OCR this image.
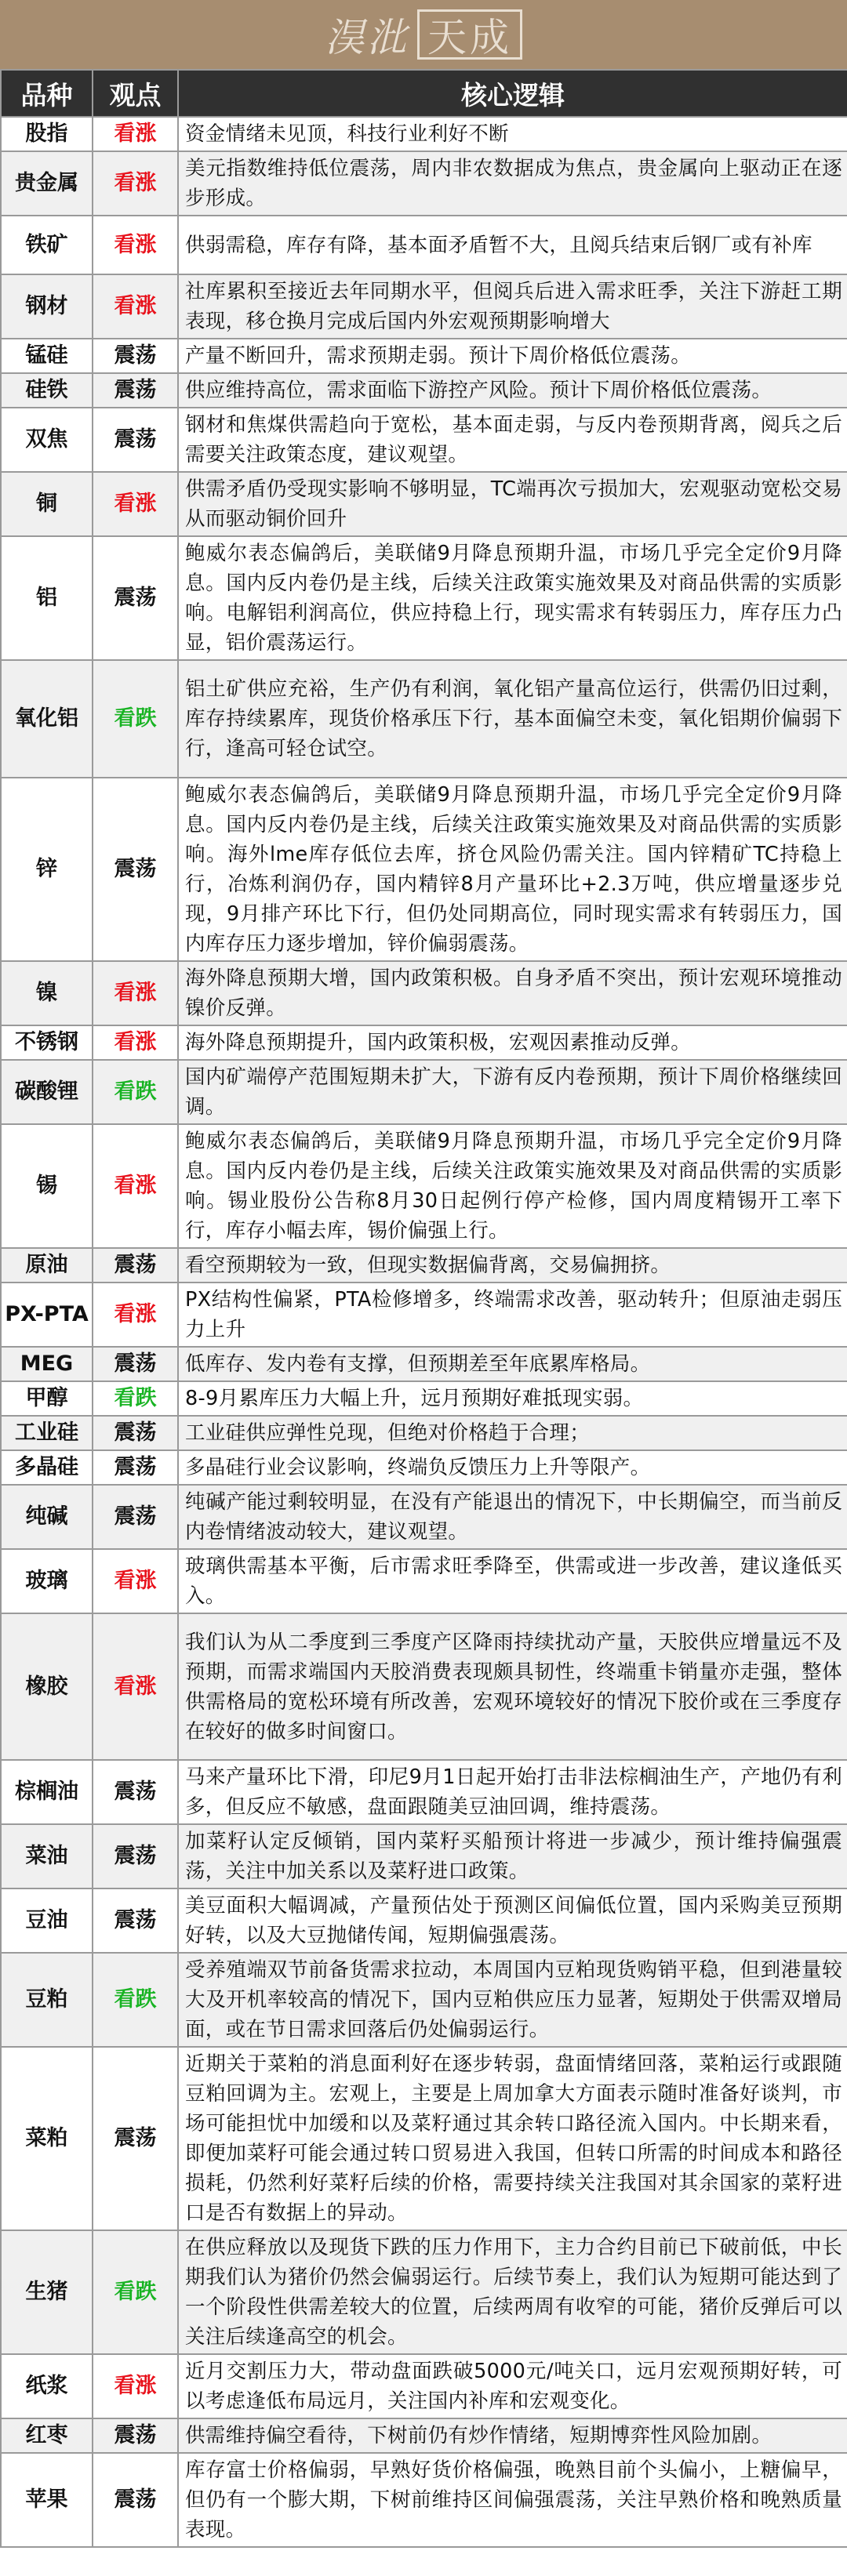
淏沘 天成
品种	观点	核心逻辑
股指	看涨	资金情绪未见顶，科技行业利好不断
贵金属	看涨	美元指数维持低位震荡，周内非农数据成为焦点，贵金属向上驱动正在逐步形成。
铁矿	看涨	供弱需稳，库存有降，基本面矛盾暂不大，且阅兵结束后钢厂或有补库
钢材	看涨	社库累积至接近去年同期水平，但阅兵后进入需求旺季，关注下游赶工期表现，移仓换月完成后国内外宏观预期影响增大
锰硅	震荡	产量不断回升，需求预期走弱。预计下周价格低位震荡。
硅铁	震荡	供应维持高位，需求面临下游控产风险。预计下周价格低位震荡。
双焦	震荡	钢材和焦煤供需趋向于宽松，基本面走弱，与反内卷预期背离，阅兵之后需要关注政策态度，建议观望。
铜	看涨	供需矛盾仍受现实影响不够明显，TC端再次亏损加大，宏观驱动宽松交易从而驱动铜价回升
铝	震荡	鲍威尔表态偏鸽后，美联储9月降息预期升温，市场几乎完全定价9月降息。国内反内卷仍是主线，后续关注政策实施效果及对商品供需的实质影响。电解铝利润高位，供应持稳上行，现实需求有转弱压力，库存压力凸显，铝价震荡运行。
氧化铝	看跌	铝土矿供应充裕，生产仍有利润，氧化铝产量高位运行，供需仍旧过剩，库存持续累库，现货价格承压下行，基本面偏空未变，氧化铝期价偏弱下行，逢高可轻仓试空。
锌	震荡	鲍威尔表态偏鸽后，美联储9月降息预期升温，市场几乎完全定价9月降息。国内反内卷仍是主线，后续关注政策实施效果及对商品供需的实质影响。海外lme库存低位去库，挤仓风险仍需关注。国内锌精矿TC持稳上行，冶炼利润仍存，国内精锌8月产量环比+2.3万吨，供应增量逐步兑现，9月排产环比下行，但仍处同期高位，同时现实需求有转弱压力，国内库存压力逐步增加，锌价偏弱震荡。
镍	看涨	海外降息预期大增，国内政策积极。自身矛盾不突出，预计宏观环境推动镍价反弹。
不锈钢	看涨	海外降息预期提升，国内政策积极，宏观因素推动反弹。
碳酸锂	看跌	国内矿端停产范围短期未扩大，下游有反内卷预期，预计下周价格继续回调。
锡	看涨	鲍威尔表态偏鸽后，美联储9月降息预期升温，市场几乎完全定价9月降息。国内反内卷仍是主线，后续关注政策实施效果及对商品供需的实质影响。锡业股份公告称8月30日起例行停产检修，国内周度精锡开工率下行，库存小幅去库，锡价偏强上行。
原油	震荡	看空预期较为一致，但现实数据偏背离，交易偏拥挤。
PX-PTA	看涨	PX结构性偏紧，PTA检修增多，终端需求改善，驱动转升；但原油走弱压力上升
MEG	震荡	低库存、发内卷有支撑，但预期差至年底累库格局。
甲醇	看跌	8-9月累库压力大幅上升，远月预期好难抵现实弱。
工业硅	震荡	工业硅供应弹性兑现，但绝对价格趋于合理；
多晶硅	震荡	多晶硅行业会议影响，终端负反馈压力上升等限产。
纯碱	震荡	纯碱产能过剩较明显，在没有产能退出的情况下，中长期偏空，而当前反内卷情绪波动较大，建议观望。
玻璃	看涨	玻璃供需基本平衡，后市需求旺季降至，供需或进一步改善，建议逢低买入。
橡胶	看涨	我们认为从二季度到三季度产区降雨持续扰动产量，天胶供应增量远不及预期，而需求端国内天胶消费表现颇具韧性，终端重卡销量亦走强，整体供需格局的宽松环境有所改善，宏观环境较好的情况下胶价或在三季度存在较好的做多时间窗口。
棕榈油	震荡	马来产量环比下滑，印尼9月1日起开始打击非法棕榈油生产，产地仍有利多，但反应不敏感，盘面跟随美豆油回调，维持震荡。
菜油	震荡	加菜籽认定反倾销，国内菜籽买船预计将进一步减少，预计维持偏强震荡，关注中加关系以及菜籽进口政策。
豆油	震荡	美豆面积大幅调减，产量预估处于预测区间偏低位置，国内采购美豆预期好转，以及大豆抛储传闻，短期偏强震荡。
豆粕	看跌	受养殖端双节前备货需求拉动，本周国内豆粕现货购销平稳，但到港量较大及开机率较高的情况下，国内豆粕供应压力显著，短期处于供需双增局面，或在节日需求回落后仍处偏弱运行。
菜粕	震荡	近期关于菜粕的消息面利好在逐步转弱，盘面情绪回落，菜粕运行或跟随豆粕回调为主。宏观上，主要是上周加拿大方面表示随时准备好谈判，市场可能担忧中加缓和以及菜籽通过其余转口路径流入国内。中长期来看，即便加菜籽可能会通过转口贸易进入我国，但转口所需的时间成本和路径损耗，仍然利好菜籽后续的价格，需要持续关注我国对其余国家的菜籽进口是否有数据上的异动。
生猪	看跌	在供应释放以及现货下跌的压力作用下，主力合约目前已下破前低，中长期我们认为猪价仍然会偏弱运行。后续节奏上，我们认为短期可能达到了一个阶段性供需差较大的位置，后续两周有收窄的可能，猪价反弹后可以关注后续逢高空的机会。
纸浆	看涨	近月交割压力大，带动盘面跌破5000元/吨关口，远月宏观预期好转，可以考虑逢低布局远月，关注国内补库和宏观变化。
红枣	震荡	供需维持偏空看待，下树前仍有炒作情绪，短期博弈性风险加剧。
苹果	震荡	库存富士价格偏弱，早熟好货价格偏强，晚熟目前个头偏小，上糖偏早，但仍有一个膨大期，下树前维持区间偏强震荡，关注早熟价格和晚熟质量表现。
